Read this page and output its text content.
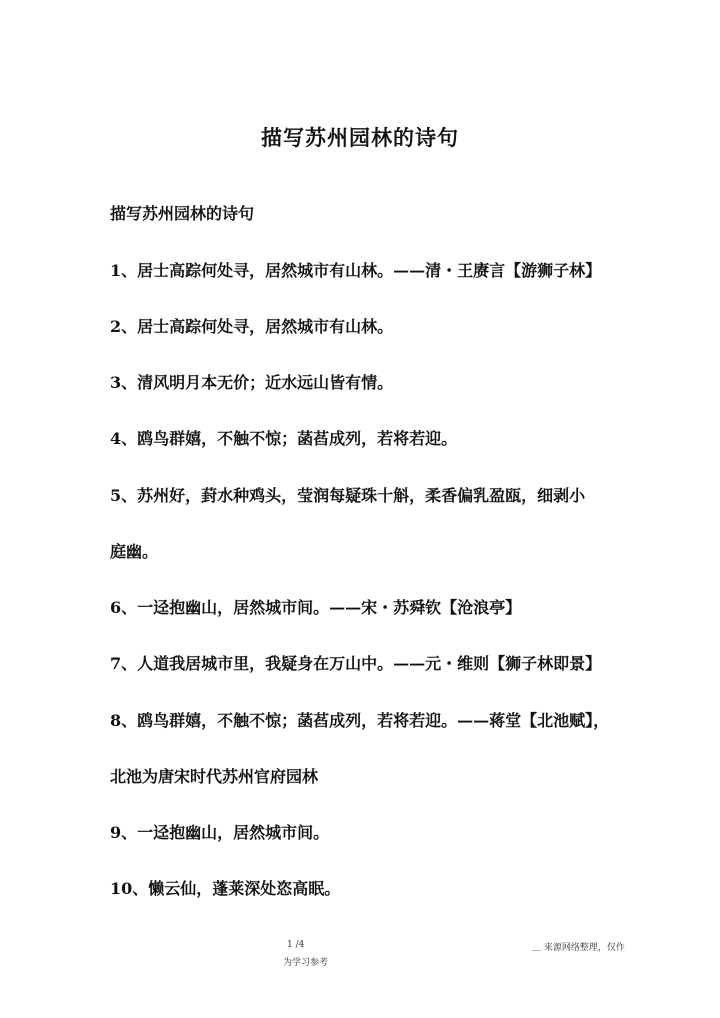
描写苏州园林的诗句
描写苏州园林的诗句
1、居士高踪何处寻，居然城市有山林。——清・王赓言【游狮子林】
2、居士高踪何处寻，居然城市有山林。
3、清风明月本无价；近水远山皆有情。
4、鸥鸟群嬉，不触不惊；菡萏成列，若将若迎。
5、苏州好，葑水种鸡头，莹润每疑珠十斛，柔香偏乳盈瓯，细剥小
庭幽。
6、一迳抱幽山，居然城市间。——宋・苏舜钦【沧浪亭】
7、人道我居城市里，我疑身在万山中。——元・维则【狮子林即景】
8、鸥鸟群嬉，不触不惊；菡萏成列，若将若迎。——蒋堂【北池赋】，
北池为唐宋时代苏州官府园林
9、一迳抱幽山，居然城市间。
10、懒云仙，蓬莱深处恣高眠。
1 /4
为学习参考
＿ 来源网络整理，仅作
